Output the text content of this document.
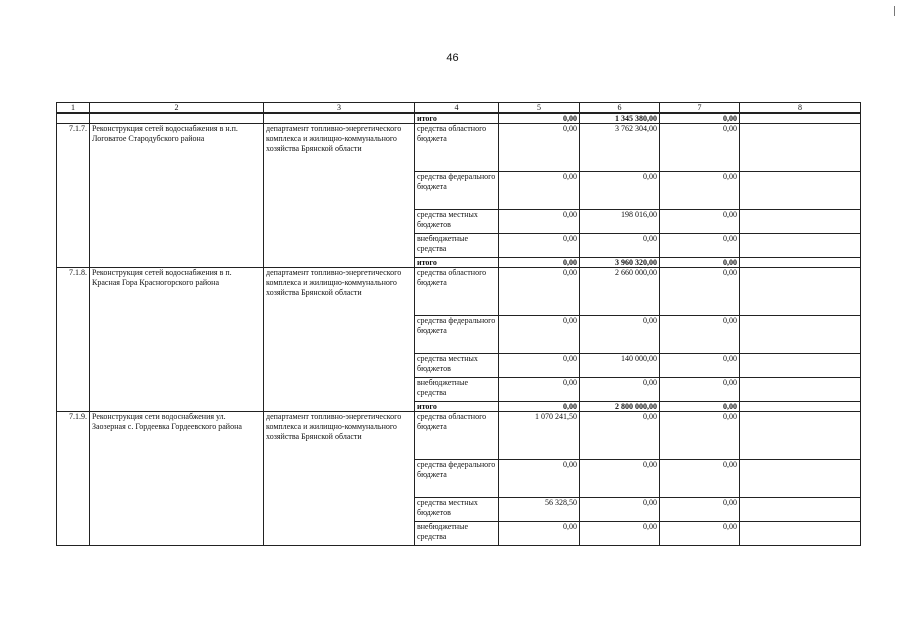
46
1	2	3	4	5	6	7	8
			итого	0,00	1 345 380,00	0,00	
7.1.7.	Реконструкция сетей водоснабжения в н.п. Логоватое Стародубского района	департамент топливно-энергетического комплекса и жилищно-коммунального хозяйства Брянской области	средства областного бюджета	0,00	3 762 304,00	0,00	
			средства федерального бюджета	0,00	0,00	0,00	
			средства местных бюджетов	0,00	198 016,00	0,00	
			внебюджетные средства	0,00	0,00	0,00	
			итого	0,00	3 960 320,00	0,00	
7.1.8.	Реконструкция сетей водоснабжения в п. Красная Гора Красногорского района	департамент топливно-энергетического комплекса и жилищно-коммунального хозяйства Брянской области	средства областного бюджета	0,00	2 660 000,00	0,00	
			средства федерального бюджета	0,00	0,00	0,00	
			средства местных бюджетов	0,00	140 000,00	0,00	
			внебюджетные средства	0,00	0,00	0,00	
			итого	0,00	2 800 000,00	0,00	
7.1.9.	Реконструкция сети водоснабжения ул. Заозерная с. Гордеевка Гордеевского района	департамент топливно-энергетического комплекса и жилищно-коммунального хозяйства Брянской области	средства областного бюджета	1 070 241,50	0,00	0,00	
			средства федерального бюджета	0,00	0,00	0,00	
			средства местных бюджетов	56 328,50	0,00	0,00	
			внебюджетные средства	0,00	0,00	0,00	
